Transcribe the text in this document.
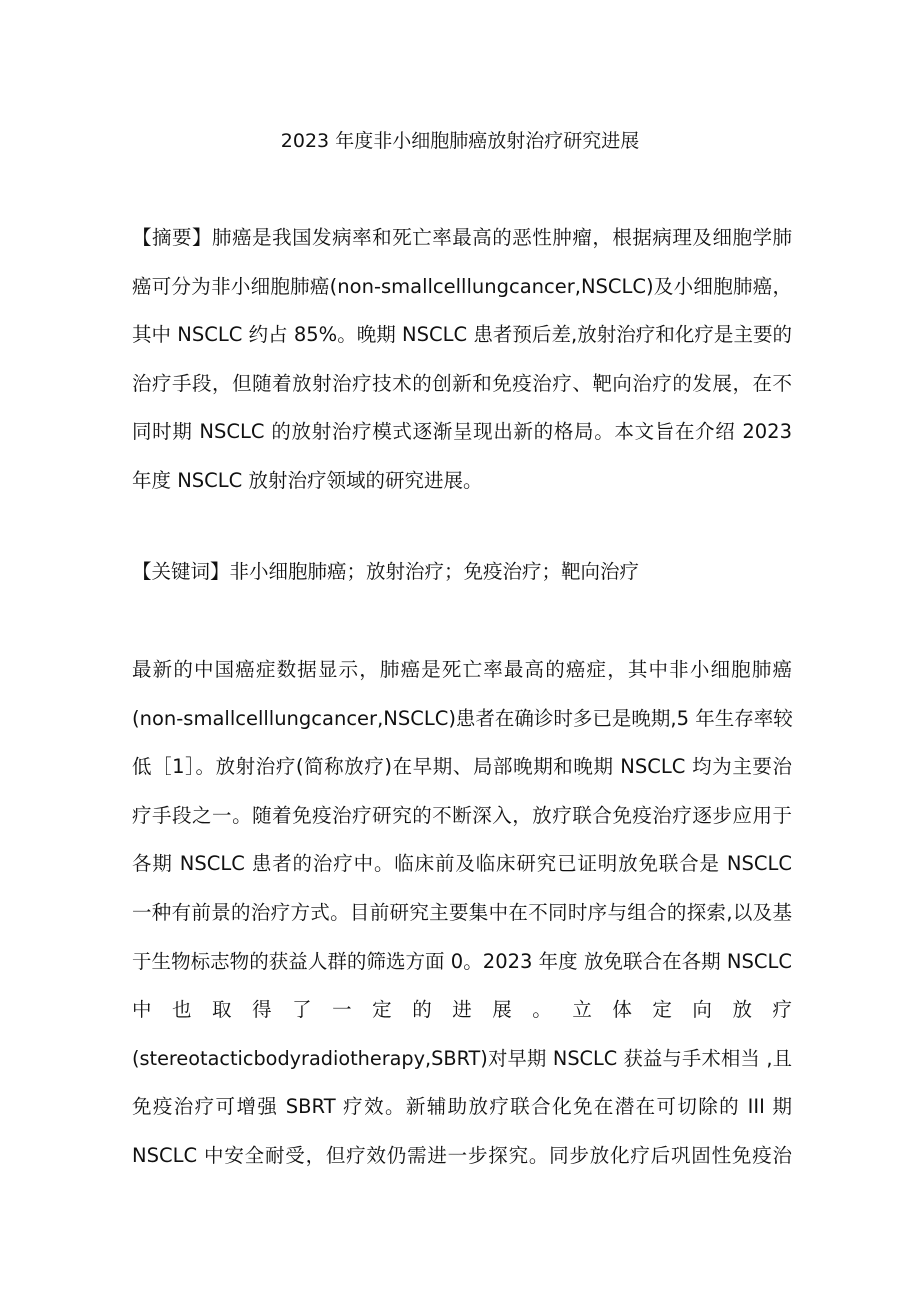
2023 年度非小细胞肺癌放射治疗研究进展
【摘要】肺癌是我国发病率和死亡率最高的恶性肿瘤，根据病理及细胞学肺
癌可分为非小细胞肺癌(non-smallcelllungcancer,NSCLC)及小细胞肺癌，
其中 NSCLC 约占 85%。晚期 NSCLC 患者预后差,放射治疗和化疗是主要的
治疗手段，但随着放射治疗技术的创新和免疫治疗、靶向治疗的发展，在不
同时期 NSCLC 的放射治疗模式逐渐呈现出新的格局。本文旨在介绍 2023
年度 NSCLC 放射治疗领域的研究进展。
【关键词】非小细胞肺癌；放射治疗；免疫治疗；靶向治疗
最新的中国癌症数据显示，肺癌是死亡率最高的癌症，其中非小细胞肺癌
(non-smallcelllungcancer,NSCLC)患者在确诊时多已是晚期,5 年生存率较
低［1］。放射治疗(简称放疗)在早期、局部晚期和晚期 NSCLC 均为主要治
疗手段之一。随着免疫治疗研究的不断深入，放疗联合免疫治疗逐步应用于
各期 NSCLC 患者的治疗中。临床前及临床研究已证明放免联合是 NSCLC
一种有前景的治疗方式。目前研究主要集中在不同时序与组合的探索,以及基
于生物标志物的获益人群的筛选方面 0。2023 年度 放免联合在各期 NSCLC
中 也 取 得 了 一 定 的 进 展 。 立 体 定 向 放 疗
(stereotacticbodyradiotherapy,SBRT)对早期 NSCLC 获益与手术相当 ,且
免疫治疗可增强 SBRT 疗效。新辅助放疗联合化免在潜在可切除的 III 期
NSCLC 中安全耐受，但疗效仍需进一步探究。同步放化疗后巩固性免疫治
